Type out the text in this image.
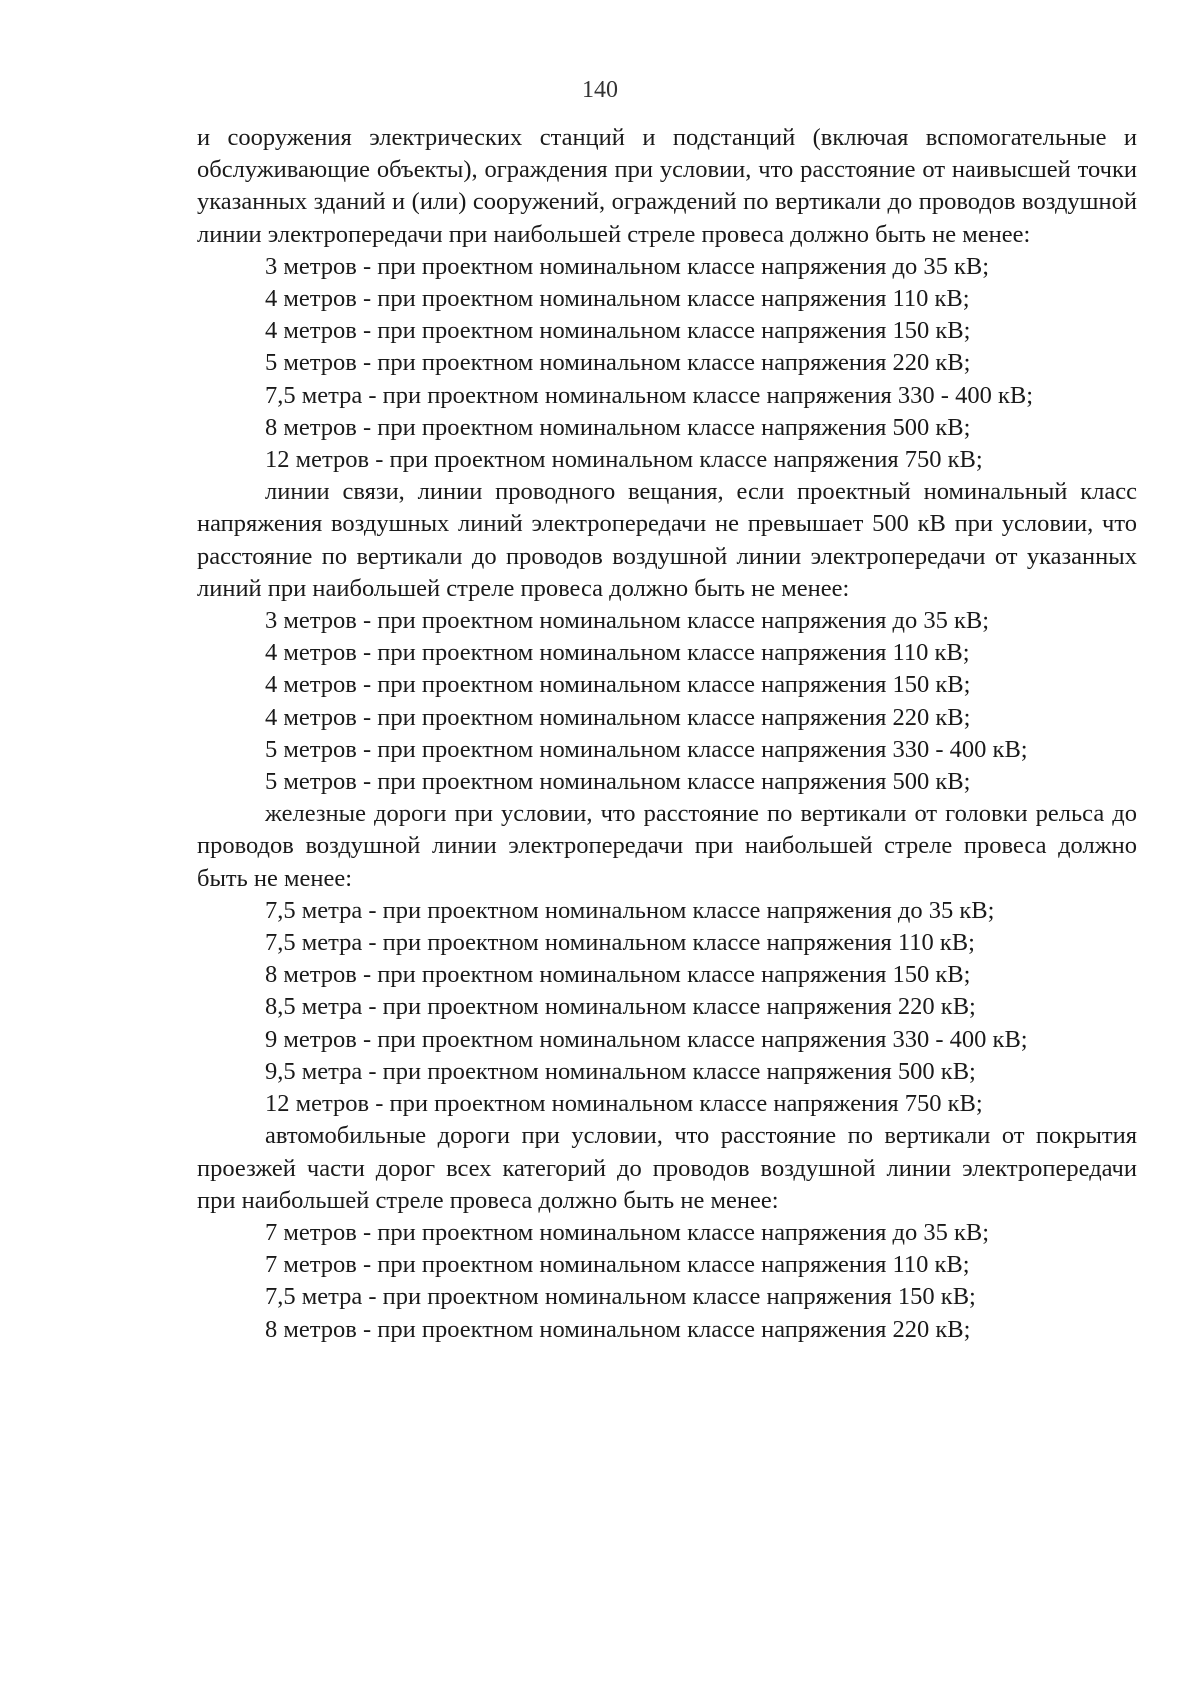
140

и сооружения электрических станций и подстанций (включая вспомогательные и обслуживающие объекты), ограждения при условии, что расстояние от наивысшей точки указанных зданий и (или) сооружений, ограждений по вертикали до проводов воздушной линии электропередачи при наибольшей стреле провеса должно быть не менее:

3 метров - при проектном номинальном классе напряжения до 35 кВ;

4 метров - при проектном номинальном классе напряжения 110 кВ;

4 метров - при проектном номинальном классе напряжения 150 кВ;

5 метров - при проектном номинальном классе напряжения 220 кВ;

7,5 метра - при проектном номинальном классе напряжения 330 - 400 кВ;

8 метров - при проектном номинальном классе напряжения 500 кВ;

12 метров - при проектном номинальном классе напряжения 750 кВ;

линии связи, линии проводного вещания, если проектный номинальный класс напряжения воздушных линий электропередачи не превышает 500 кВ при условии, что расстояние по вертикали до проводов воздушной линии электропередачи от указанных линий при наибольшей стреле провеса должно быть не менее:

3 метров - при проектном номинальном классе напряжения до 35 кВ;

4 метров - при проектном номинальном классе напряжения 110 кВ;

4 метров - при проектном номинальном классе напряжения 150 кВ;

4 метров - при проектном номинальном классе напряжения 220 кВ;

5 метров - при проектном номинальном классе напряжения 330 - 400 кВ;

5 метров - при проектном номинальном классе напряжения 500 кВ;

железные дороги при условии, что расстояние по вертикали от головки рельса до проводов воздушной линии электропередачи при наибольшей стреле провеса должно быть не менее:

7,5 метра - при проектном номинальном классе напряжения до 35 кВ;

7,5 метра - при проектном номинальном классе напряжения 110 кВ;

8 метров - при проектном номинальном классе напряжения 150 кВ;

8,5 метра - при проектном номинальном классе напряжения 220 кВ;

9 метров - при проектном номинальном классе напряжения 330 - 400 кВ;

9,5 метра - при проектном номинальном классе напряжения 500 кВ;

12 метров - при проектном номинальном классе напряжения 750 кВ;

автомобильные дороги при условии, что расстояние по вертикали от покрытия проезжей части дорог всех категорий до проводов воздушной линии электропередачи при наибольшей стреле провеса должно быть не менее:

7 метров - при проектном номинальном классе напряжения до 35 кВ;

7 метров - при проектном номинальном классе напряжения 110 кВ;

7,5 метра - при проектном номинальном классе напряжения 150 кВ;

8 метров - при проектном номинальном классе напряжения 220 кВ;
